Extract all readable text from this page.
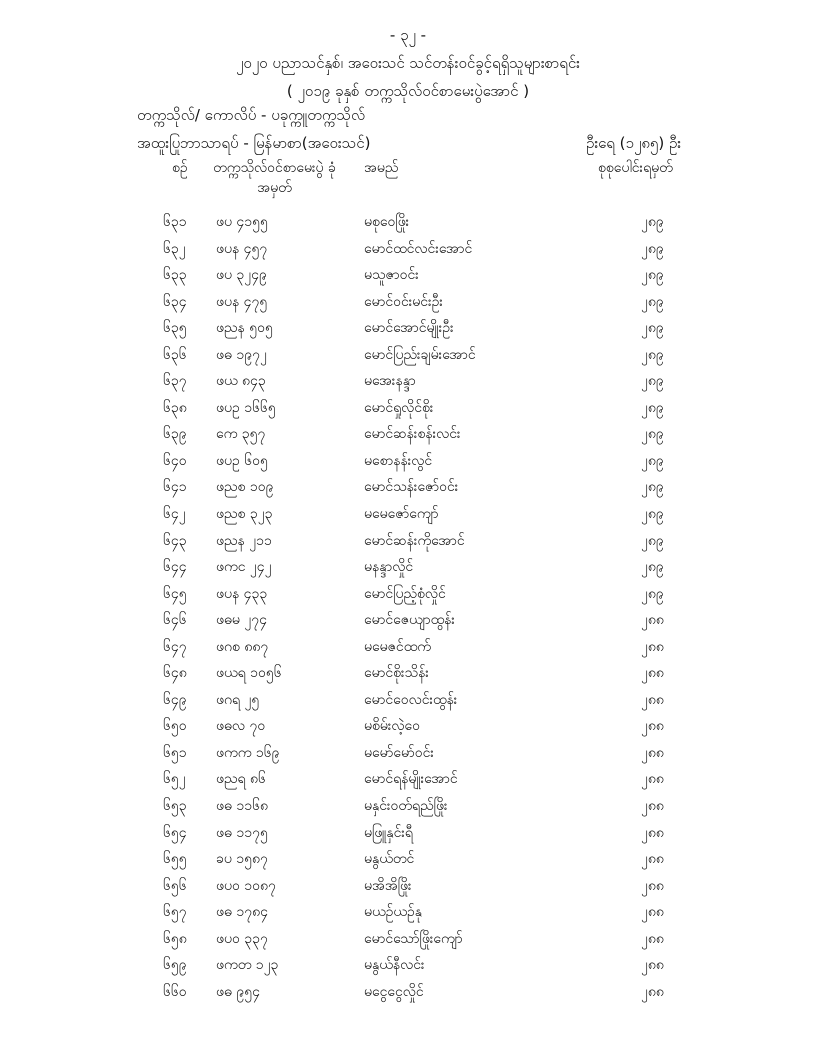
- ၃၂ -
၂၀၂၀ ပညာသင်နှစ်၊ အဝေးသင် သင်တန်းဝင်ခွင့်ရရှိသူများစာရင်း
( ၂၀၁၉ ခုနှစ် တက္ကသိုလ်ဝင်စာမေးပွဲအောင် )
တက္ကသိုလ်/ ကောလိပ် - ပခုက္ကူတက္ကသိုလ်
အထူးပြုဘာသာရပ် - မြန်မာစာ(အဝေးသင်)	ဦးရေ (၁၂၈၅) ဦး
စဉ်	တက္ကသိုလ်ဝင်စာမေးပွဲ ခုံအမှတ်
အမည်	စုစုပေါင်းရမှတ်
၆၃၁ ဖပ ၄၁၅၅	မစုဝေဖြိုး	၂၈၉
၆၃၂ ဖပန ၄၅၇	မောင်ထင်လင်းအောင်	၂၈၉
၆၃၃ ဖပ ၃၂၄၉	မသူဇာဝင်း	၂၈၉
၆၃၄ ဖပန ၄၇၅	မောင်ဝင်းမင်းဦး	၂၈၉
၆၃၅ ဖညန ၅၀၅	မောင်အောင်မျိုးဦး	၂၈၉
၆၃၆ ဖဓ ၁၉၇၂	မောင်ပြည်းချမ်းအောင်	၂၈၉
၆၃၇ ဖယ ၈၄၃	မအေးနန္ဒာ	၂၈၉
၆၃၈ ဖပဥ ၁၆၆၅	မောင်ရှုလိုင်စိုး	၂၈၉
၆၃၉ ကေ ၃၅၇	မောင်ဆန်းစန်းလင်း	၂၈၉
၆၄၀ ဖပဥ ၆၀၅	မစောနန်းလွင်	၂၈၉
၆၄၁ ဖညစ ၁၀၉	မောင်သန်းဇော်ဝင်း	၂၈၉
၆၄၂ ဖညစ ၃၂၃	မမေဇော်ကျော်	၂၈၉
၆၄၃ ဖညန ၂၁၁	မောင်ဆန်းကိုအောင်	၂၈၉
၆၄၄ ဖကင ၂၄၂	မနန္ဒာလှိုင်	၂၈၉
၆၄၅ ဖပန ၄၃၃	မောင်ပြည့်စုံလှိုင်	၂၈၉
၆၄၆ ဖဓမ ၂၇၄	မောင်ဇေယျာထွန်း	၂၈၈
၆၄၇ ဖဂစ ၈၈၇	မမေဇင်ထက်	၂၈၈
၆၄၈ ဖယရ ၁၀၅၆	မောင်စိုးသိန်း	၂၈၈
၆၄၉ ဖဂရ ၂၅	မောင်ဝေလင်းထွန်း	၂၈၈
၆၅၀ ဖဓလ ၇၀	မစိမ်းလဲ့ဝေ	၂၈၈
၆၅၁ ဖကက ၁၆၉	မမော်မော်ဝင်း	၂၈၈
၆၅၂ ဖညရ ၈၆	မောင်ရန်မျိုးအောင်	၂၈၈
၆၅၃ ဖဓ ၁၁၆၈	မနှင်းဝတ်ရည်ဖြိုး	၂၈၈
၆၅၄ ဖဓ ၁၁၇၅	မဖြူနှင်းရီ	၂၈၈
၆၅၅ ခပ ၁၅၈၇	မနွယ်တင်	၂၈၈
၆၅၆ ဖပဝ ၁၀၈၇	မအိအိဖြိုး	၂၈၈
၆၅၇ ဖဓ ၁၇၈၄	မယဉ်ယဉ်နု	၂၈၈
၆၅၈ ဖပဝ ၃၃၇	မောင်သော်ဖြိုးကျော်	၂၈၈
၆၅၉ ဖကတ ၁၂၃	မနွယ်နီလင်း	၂၈၈
၆၆၀ ဖဓ ၉၅၄	မငွေငွေလှိုင်	၂၈၈
